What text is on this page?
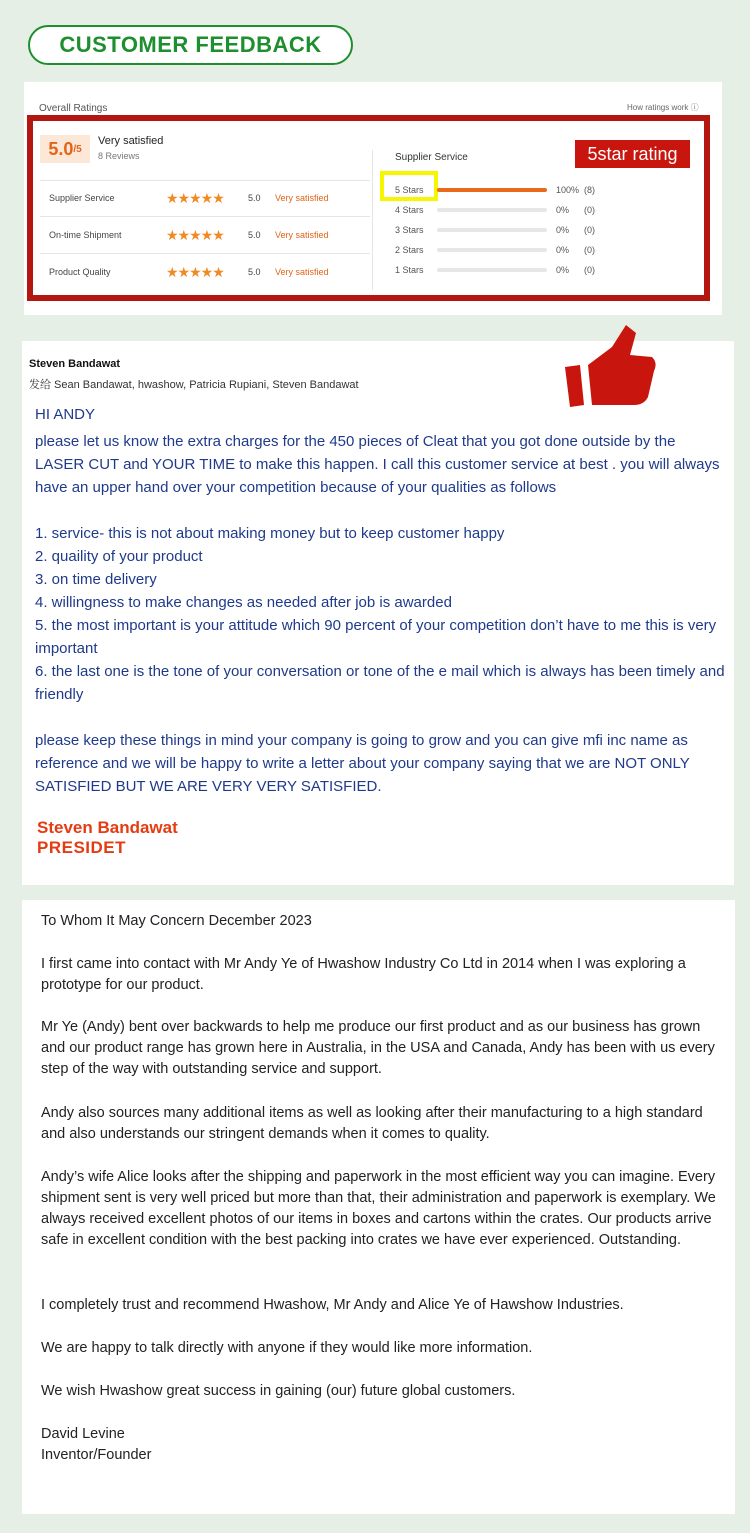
CUSTOMER FEEDBACK
Overall Ratings	How ratings work ⓘ
5.0 /5
Very satisfied
8 Reviews
Supplier Service	★★★★★	5.0 Very satisfied
On-time Shipment	★★★★★	5.0 Very satisfied
Product Quality	★★★★★	5.0 Very satisfied
Supplier Service	5star rating
5 Stars	100% (8)
4 Stars	0% (0)
3 Stars	0% (0)
2 Stars	0% (0)
1 Stars	0% (0)
Steven Bandawat
发给 Sean Bandawat, hwashow, Patricia Rupiani, Steven Bandawat
HI ANDY
please let us know the extra charges for the 450 pieces of Cleat that you got done outside by the LASER CUT and YOUR TIME to make this happen. I call this customer service at best . you will always have an upper hand over your competition because of your qualities as follows
1. service- this is not about making money but to keep customer happy
2. quaility of your product
3. on time delivery
4. willingness to make changes as needed after job is awarded
5. the most important is your attitude which 90 percent of your competition don’t have to me this is very important
6. the last one is the tone of your conversation or tone of the e mail which is always has been timely and friendly
please keep these things in mind your company is going to grow and you can give mfi inc name as reference and we will be happy to write a letter about your company saying that we are NOT ONLY SATISFIED BUT WE ARE VERY VERY SATISFIED.
Steven Bandawat
PRESIDET
To Whom It May Concern December 2023
I first came into contact with Mr Andy Ye of Hwashow Industry Co Ltd in 2014 when I was exploring a prototype for our product.
Mr Ye (Andy) bent over backwards to help me produce our first product and as our business has grown and our product range has grown here in Australia, in the USA and Canada, Andy has been with us every step of the way with outstanding service and support.
Andy also sources many additional items as well as looking after their manufacturing to a high standard and also understands our stringent demands when it comes to quality.
Andy’s wife Alice looks after the shipping and paperwork in the most efficient way you can imagine. Every shipment sent is very well priced but more than that, their administration and paperwork is exemplary. We always received excellent photos of our items in boxes and cartons within the crates. Our products arrive safe in excellent condition with the best packing into crates we have ever experienced. Outstanding.
I completely trust and recommend Hwashow, Mr Andy and Alice Ye of Hawshow Industries.
We are happy to talk directly with anyone if they would like more information.
We wish Hwashow great success in gaining (our) future global customers.
David Levine
Inventor/Founder
